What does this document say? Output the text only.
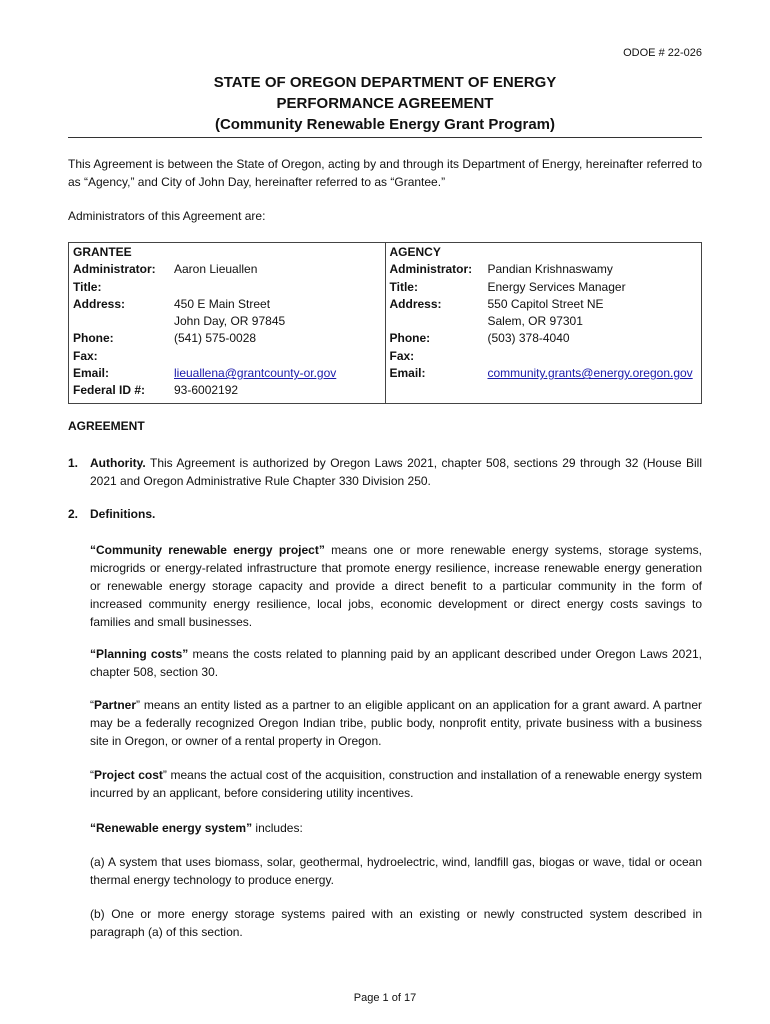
ODOE # 22-026
STATE OF OREGON DEPARTMENT OF ENERGY
PERFORMANCE AGREEMENT
(Community Renewable Energy Grant Program)
This Agreement is between the State of Oregon, acting by and through its Department of Energy, hereinafter referred to as “Agency,” and City of John Day, hereinafter referred to as “Grantee.”
Administrators of this Agreement are:
GRANTEE
Administrator:	Aaron Lieuallen
Title:
Address:	450 E Main Street
John Day, OR 97845
Phone:	(541) 575-0028
Fax:
Email:	lieuallena@grantcounty-or.gov
Federal ID #:	93-6002192

AGENCY
Administrator:	Pandian Krishnaswamy
Title:	Energy Services Manager
Address:	550 Capitol Street NE
Salem, OR 97301
Phone:	(503) 378-4040
Fax:
Email:	community.grants@energy.oregon.gov
AGREEMENT
1. Authority. This Agreement is authorized by Oregon Laws 2021, chapter 508, sections 29 through 32 (House Bill 2021 and Oregon Administrative Rule Chapter 330 Division 250.
2. Definitions.
“Community renewable energy project” means one or more renewable energy systems, storage systems, microgrids or energy-related infrastructure that promote energy resilience, increase renewable energy generation or renewable energy storage capacity and provide a direct benefit to a particular community in the form of increased community energy resilience, local jobs, economic development or direct energy costs savings to families and small businesses.
“Planning costs” means the costs related to planning paid by an applicant described under Oregon Laws 2021, chapter 508, section 30.
“Partner” means an entity listed as a partner to an eligible applicant on an application for a grant award. A partner may be a federally recognized Oregon Indian tribe, public body, nonprofit entity, private business with a business site in Oregon, or owner of a rental property in Oregon.
“Project cost” means the actual cost of the acquisition, construction and installation of a renewable energy system incurred by an applicant, before considering utility incentives.
“Renewable energy system” includes:
(a) A system that uses biomass, solar, geothermal, hydroelectric, wind, landfill gas, biogas or wave, tidal or ocean thermal energy technology to produce energy.
(b) One or more energy storage systems paired with an existing or newly constructed system described in paragraph (a) of this section.
Page 1 of 17
